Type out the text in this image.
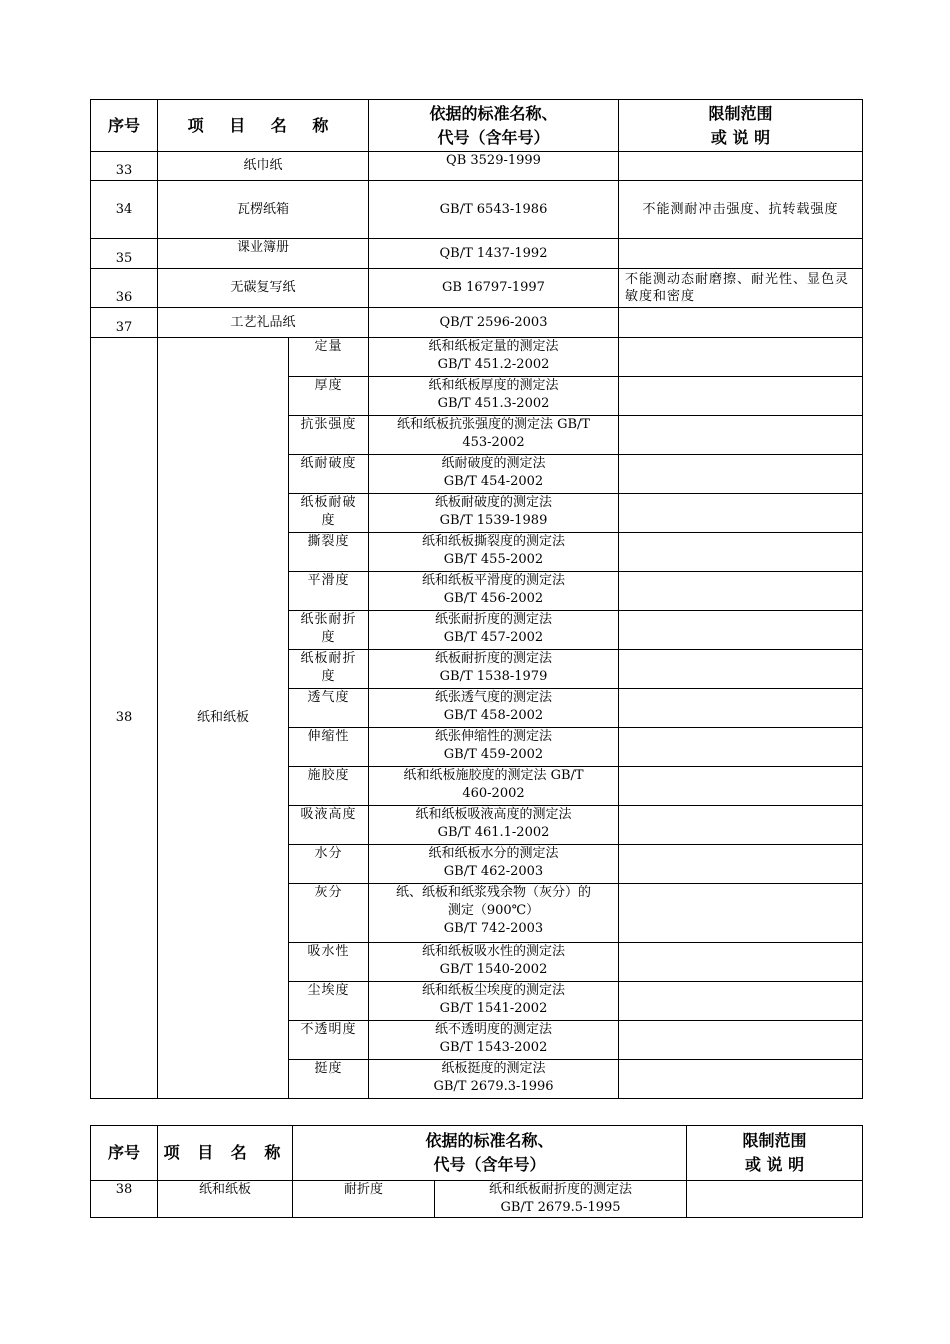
序号	项 目 名 称		依据的标准名称、
代号（含年号）	限制范围
或 说 明

33	纸巾纸		QB 3529-1999	
34	瓦楞纸箱		GB/T 6543-1986	不能测耐冲击强度、抗转载强度
35	课业簿册		QB/T 1437-1992	
36	无碳复写纸		GB 16797-1997	不能测动态耐磨擦、耐光性、显色灵敏度和密度
37	工艺礼品纸		QB/T 2596-2003	
38	纸和纸板	定量	纸和纸板定量的测定法
GB/T 451.2-2002	

		厚度	纸和纸板厚度的测定法
GB/T 451.3-2002	

		抗张强度	纸和纸板抗张强度的测定法 GB/T
453-2002	

		纸耐破度	纸耐破度的测定法
GB/T 454-2002	

		纸板耐破度	纸板耐破度的测定法
GB/T 1539-1989	

		撕裂度	纸和纸板撕裂度的测定法
GB/T 455-2002	

		平滑度	纸和纸板平滑度的测定法
GB/T 456-2002	

		纸张耐折度	纸张耐折度的测定法
GB/T 457-2002	

		纸板耐折度	纸板耐折度的测定法
GB/T 1538-1979	

		透气度	纸张透气度的测定法
GB/T 458-2002	

		伸缩性	纸张伸缩性的测定法
GB/T 459-2002	

		施胶度	纸和纸板施胶度的测定法 GB/T
460-2002	

		吸液高度	纸和纸板吸液高度的测定法
GB/T 461.1-2002	

		水分	纸和纸板水分的测定法
GB/T 462-2003	

		灰分	纸、纸板和纸浆残余物（灰分）的
测定（900℃）
GB/T 742-2003	

		吸水性	纸和纸板吸水性的测定法
GB/T 1540-2002	

		尘埃度	纸和纸板尘埃度的测定法
GB/T 1541-2002	

		不透明度	纸不透明度的测定法
GB/T 1543-2002	

		挺度	纸板挺度的测定法
GB/T 2679.3-1996	

序号	项 目 名 称	依据的标准名称、
代号（含年号）		限制范围
或 说 明

38	纸和纸板	耐折度	纸和纸板耐折度的测定法
GB/T 2679.5-1995	
